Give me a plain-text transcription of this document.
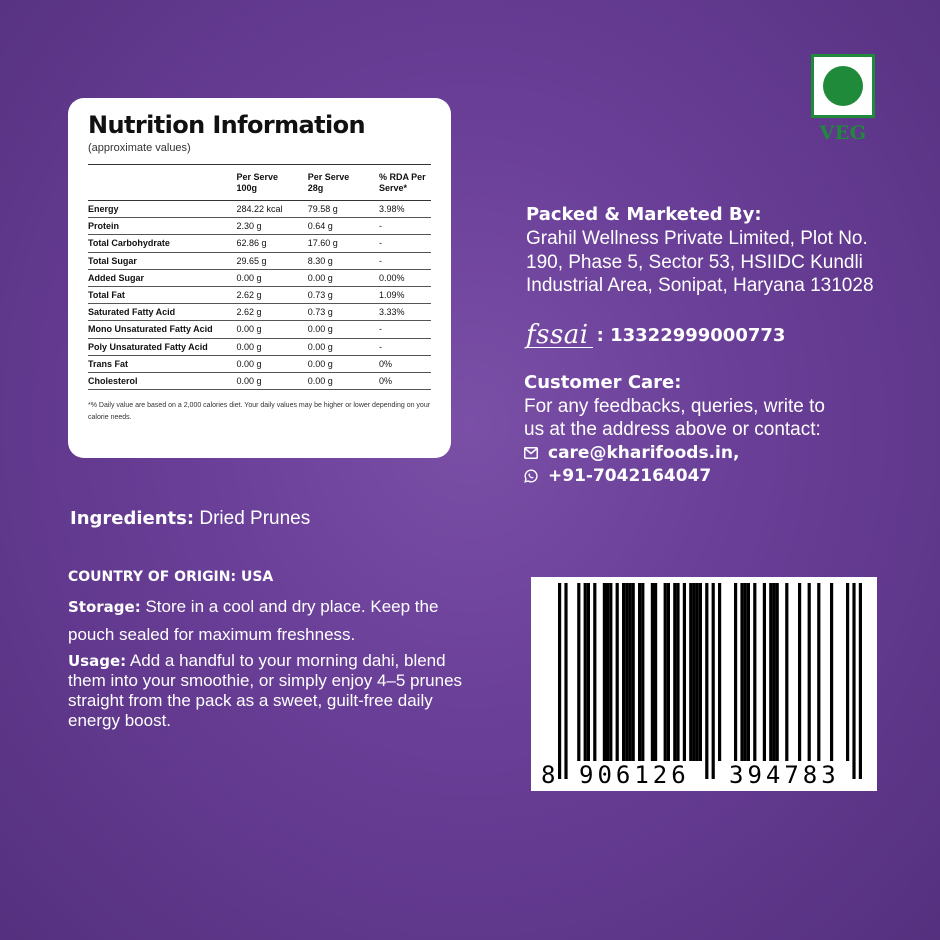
Nutrition Information
(approximate values)

	Per Serve 100g	Per Serve 28g	% RDA Per Serve*

Energy	284.22 kcal	79.58 g	3.98%
Protein	2.30 g	0.64 g	-
Total Carbohydrate	62.86 g	17.60 g	-
Total Sugar	29.65 g	8.30 g	-
Added Sugar	0.00 g	0.00 g	0.00%
Total Fat	2.62 g	0.73 g	1.09%
Saturated Fatty Acid	2.62 g	0.73 g	3.33%
Mono Unsaturated Fatty Acid	0.00 g	0.00 g	-
Poly Unsaturated Fatty Acid	0.00 g	0.00 g	-
Trans Fat	0.00 g	0.00 g	0%
Cholesterol	0.00 g	0.00 g	0%
*% Daily value are based on a 2,000 calories diet. Your daily values may be higher or lower depending on your calorie needs.
VEG
Packed & Marketed By:
Grahil Wellness Private Limited, Plot No.
190, Phase 5, Sector 53, HSIIDC Kundli
Industrial Area, Sonipat, Haryana 131028
fssai : 13322999000773
Customer Care:
For any feedbacks, queries, write to
us at the address above or contact:
care@kharifoods.in,
+91-7042164047
Ingredients: Dried Prunes
COUNTRY OF ORIGIN: USA
Storage: Store in a cool and dry place. Keep the pouch sealed for maximum freshness.
Usage: Add a handful to your morning dahi, blend them into your smoothie, or simply enjoy 4–5 prunes straight from the pack as a sweet, guilt-free daily energy boost.
8 906126 394783
